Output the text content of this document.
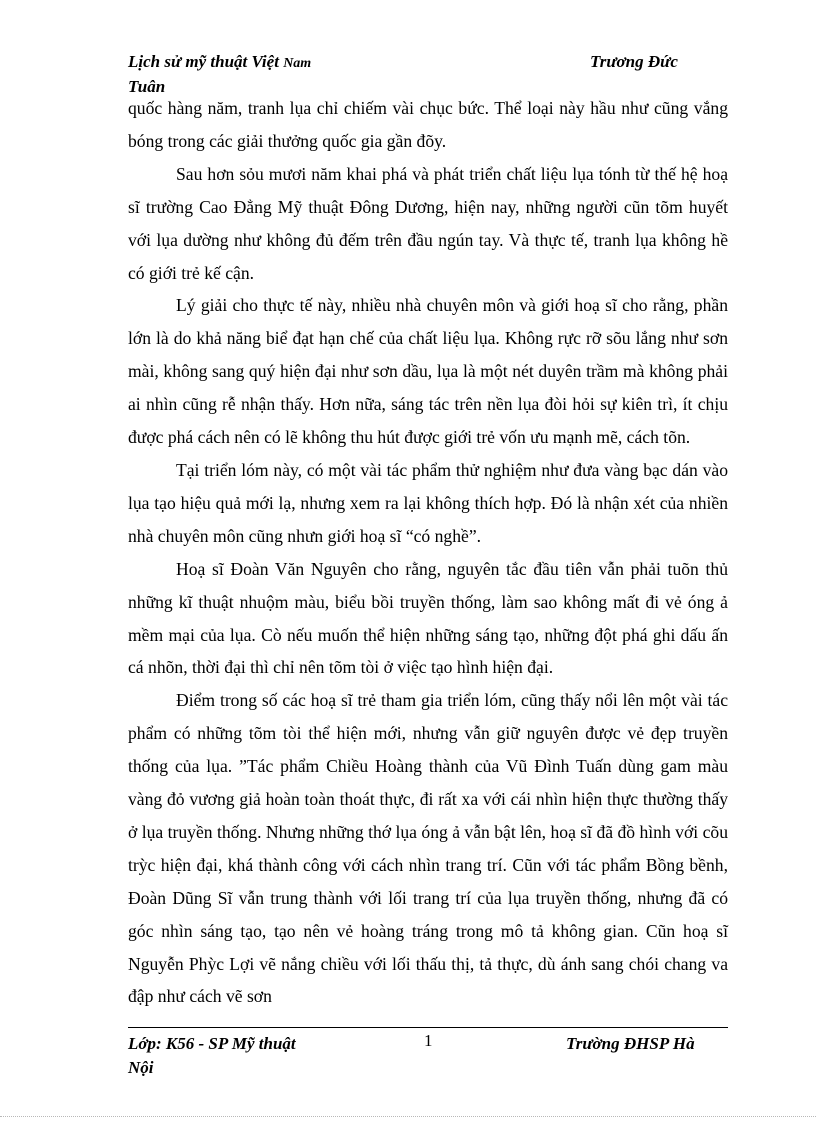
Lịch sử mỹ thuật Việt Nam
Tuân
Trương Đức

quốc hàng năm, tranh lụa chỉ chiếm vài chục bức. Thể loại này hầu như cũng vắng bóng trong các giải thưởng quốc gia gần đõy.

Sau hơn sỏu mươi năm khai phá và phát triển chất liệu lụa tónh từ thế hệ hoạ sĩ trường Cao Đẳng Mỹ thuật Đông Dương, hiện nay, những người cũn tõm huyết với lụa dường như không đủ đếm trên đầu ngún tay. Và thực tế, tranh lụa không hề có giới trẻ kế cận.

Lý giải cho thực tế này, nhiều nhà chuyên môn và giới hoạ sĩ cho rằng, phần lớn là do khả năng biể đạt hạn chế của chất liệu lụa. Không rực rỡ sõu lắng như sơn mài, không sang quý hiện đại như sơn dầu, lụa là một nét duyên trầm mà không phải ai nhìn cũng rễ nhận thấy. Hơn nữa, sáng tác trên nền lụa đòi hỏi sự kiên trì, ít chịu được phá cách nên có lẽ không thu hút được giới trẻ vốn ưu mạnh mẽ, cách tõn.

Tại triển lóm này, có một vài tác phẩm thử nghiệm như đưa vàng bạc dán vào lụa tạo hiệu quả mới lạ, nhưng xem ra lại không thích hợp. Đó là nhận xét của nhiền nhà chuyên môn cũng nhưn giới hoạ sĩ “có nghề”.

Hoạ sĩ Đoàn Văn Nguyên cho rằng, nguyên tắc đầu tiên vẫn phải tuõn thủ những kĩ thuật nhuộm màu, biểu bồi truyền thống, làm sao không mất đi vẻ óng ả mềm mại của lụa. Cò nếu muốn thể hiện những sáng tạo, những đột phá ghi dấu ấn cá nhõn, thời đại thì chỉ nên tõm tòi ở việc tạo hình hiện đại.

Điểm trong số các hoạ sĩ trẻ tham gia triển lóm, cũng thấy nổi lên một vài tác phẩm có những tõm tòi thể hiện mới, nhưng vẫn giữ nguyên được vẻ đẹp truyền thống của lụa. ”Tác phẩm Chiều Hoàng thành của Vũ Đình Tuấn dùng gam màu vàng đỏ vương giả hoàn toàn thoát thực, đi rất xa với cái nhìn hiện thực thường thấy ở lụa truyền thống. Nhưng những thớ lụa óng ả vẫn bật lên, hoạ sĩ đã đồ hình với cõu trỳc hiện đại, khá thành công với cách nhìn trang trí. Cũn với tác phẩm Bồng bềnh, Đoàn Dũng Sĩ vẫn trung thành với lối trang trí của lụa truyền thống, nhưng đã có góc nhìn sáng tạo, tạo nên vẻ hoàng tráng trong mô tả không gian. Cũn hoạ sĩ Nguyễn Phỳc Lợi vẽ nắng chiều với lối thấu thị, tả thực, dù ánh sang chói chang va đập như cách vẽ sơn

Lớp: K56 - SP Mỹ thuật
Nội
1	Trường ĐHSP Hà
